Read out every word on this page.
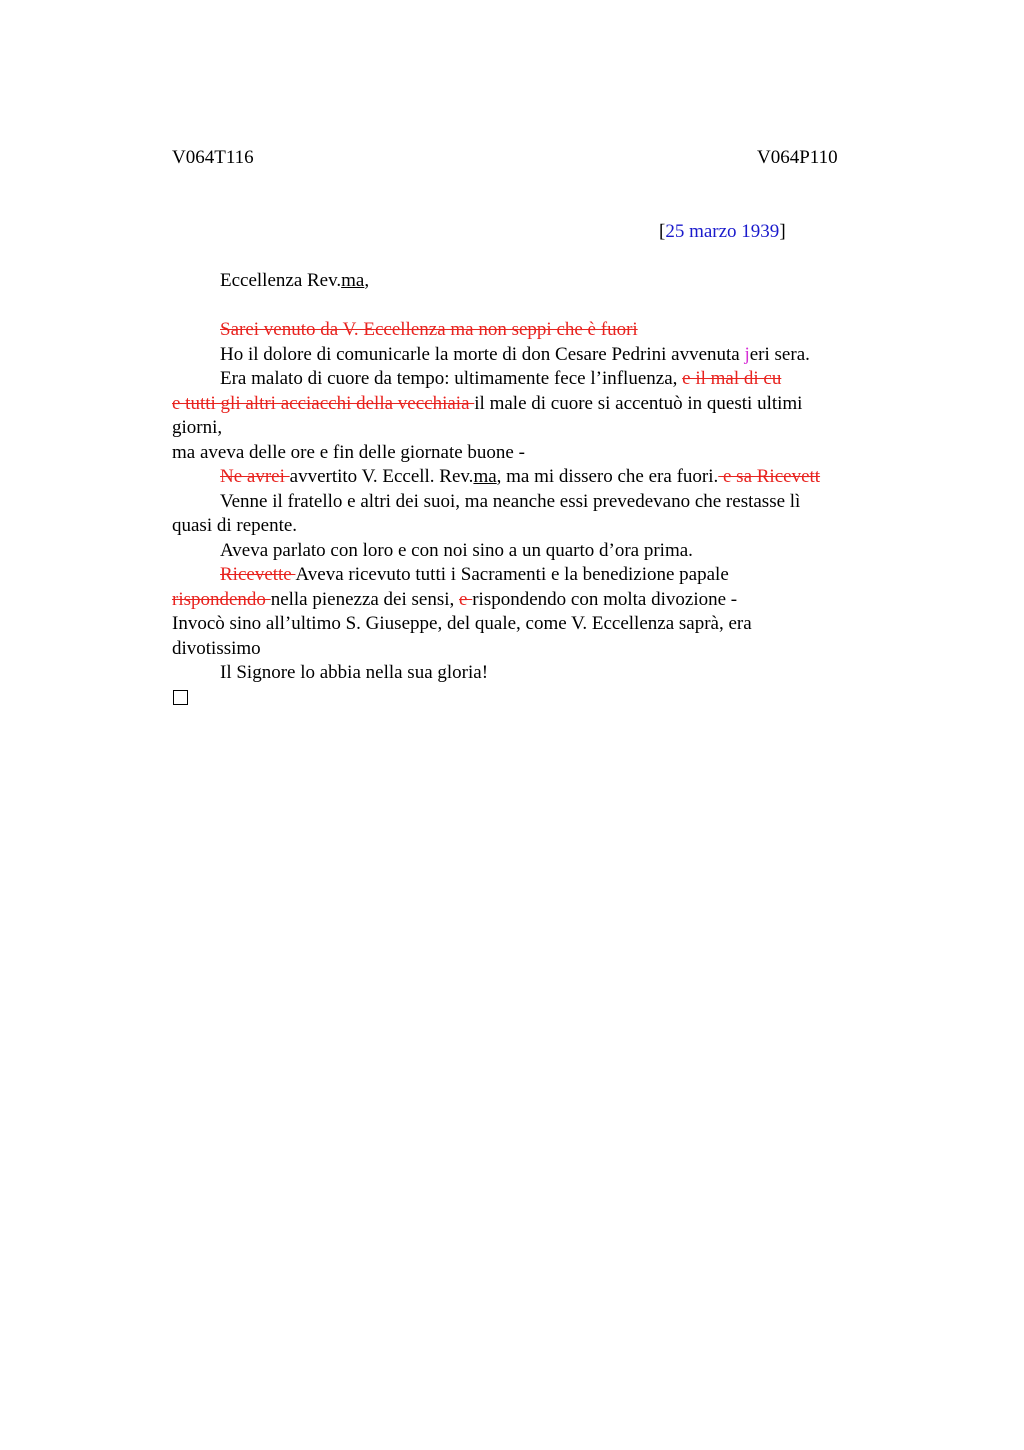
V064T116	V064P110
[25 marzo 1939]
Eccellenza Rev.ma,
Sarei venuto da V. Eccellenza ma non seppi che è fuori
Ho il dolore di comunicarle la morte di don Cesare Pedrini avvenuta jeri sera.
Era malato di cuore da tempo: ultimamente fece l’influenza, e il mal di cu
e tutti gli altri acciacchi della vecchiaia il male di cuore si accentuò in questi ultimi
giorni,
ma aveva delle ore e fin delle giornate buone -
Ne avrei avvertito V. Eccell. Rev.ma, ma mi dissero che era fuori. e sa Ricevett
Venne il fratello e altri dei suoi, ma neanche essi prevedevano che restasse lì
quasi di repente.
Aveva parlato con loro e con noi sino a un quarto d’ora prima.
Ricevette Aveva ricevuto tutti i Sacramenti e la benedizione papale
rispondendo nella pienezza dei sensi, e rispondendo con molta divozione -
Invocò sino all’ultimo S. Giuseppe, del quale, come V. Eccellenza saprà, era
divotissimo
Il Signore lo abbia nella sua gloria!
